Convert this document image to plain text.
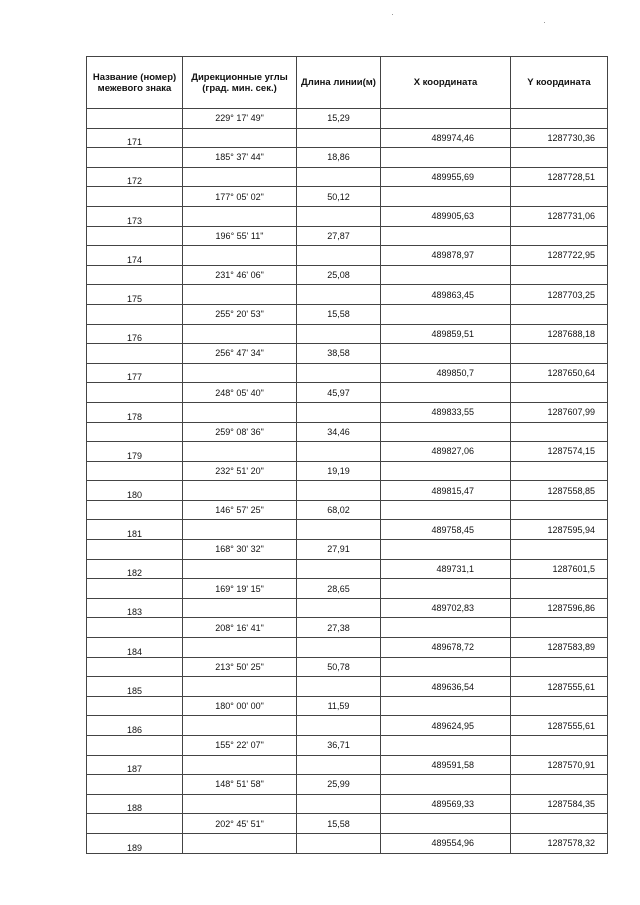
Название (номер) межевого знака	Дирекционные углы (град. мин. сек.)	Длина линии(м)	X координата	Y координата
	229° 17' 49"	15,29		
171			489974,46	1287730,36
	185° 37' 44"	18,86		
172			489955,69	1287728,51
	177° 05' 02"	50,12		
173			489905,63	1287731,06
	196° 55' 11"	27,87		
174			489878,97	1287722,95
	231° 46' 06"	25,08		
175			489863,45	1287703,25
	255° 20' 53"	15,58		
176			489859,51	1287688,18
	256° 47' 34"	38,58		
177			489850,7	1287650,64
	248° 05' 40"	45,97		
178			489833,55	1287607,99
	259° 08' 36"	34,46		
179			489827,06	1287574,15
	232° 51' 20"	19,19		
180			489815,47	1287558,85
	146° 57' 25"	68,02		
181			489758,45	1287595,94
	168° 30' 32"	27,91		
182			489731,1	1287601,5
	169° 19' 15"	28,65		
183			489702,83	1287596,86
	208° 16' 41"	27,38		
184			489678,72	1287583,89
	213° 50' 25"	50,78		
185			489636,54	1287555,61
	180° 00' 00"	11,59		
186			489624,95	1287555,61
	155° 22' 07"	36,71		
187			489591,58	1287570,91
	148° 51' 58"	25,99		
188			489569,33	1287584,35
	202° 45' 51"	15,58		
189			489554,96	1287578,32
